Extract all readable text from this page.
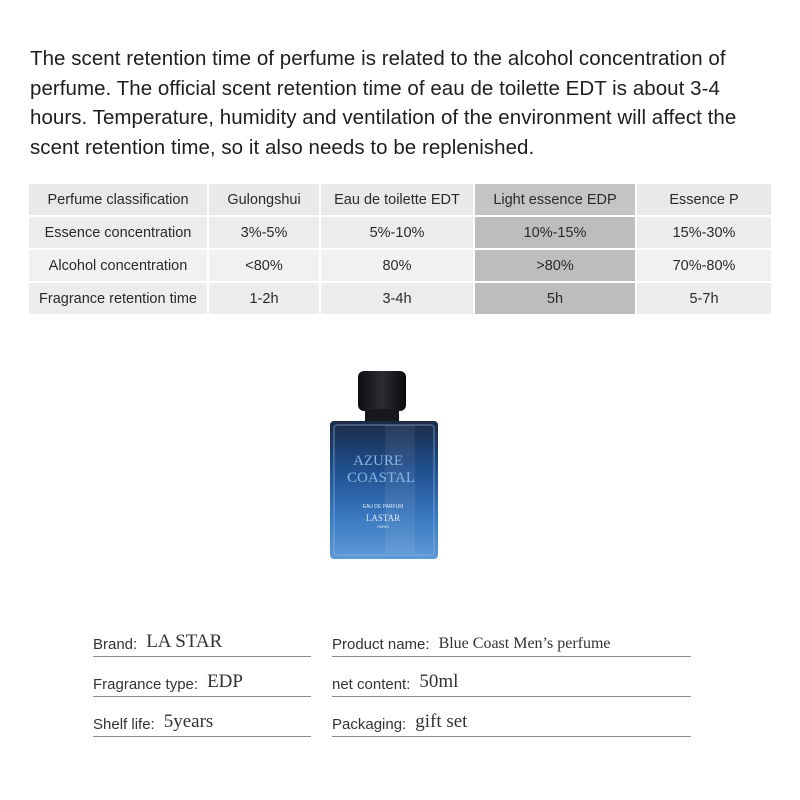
The scent retention time of perfume is related to the alcohol concentration of perfume. The official scent retention time of eau de toilette EDT is about 3-4 hours. Temperature, humidity and ventilation of the environment will affect the scent retention time, so it also needs to be replenished.

Perfume classification	Gulongshui	Eau de toilette EDT	Light essence EDP	Essence P
Essence concentration	3%-5%	5%-10%	10%-15%	15%-30%
Alcohol concentration	<80%	80%	>80%	70%-80%
Fragrance retention time	1-2h	3-4h	5h	5-7h
AZURE
COASTAL
EAU DE PARFUM
LASTAR
PARIS
Brand: LA STAR	Product name: Blue Coast Men’s perfume
Fragrance type: EDP	net content: 50ml
Shelf life: 5years	Packaging: gift set
